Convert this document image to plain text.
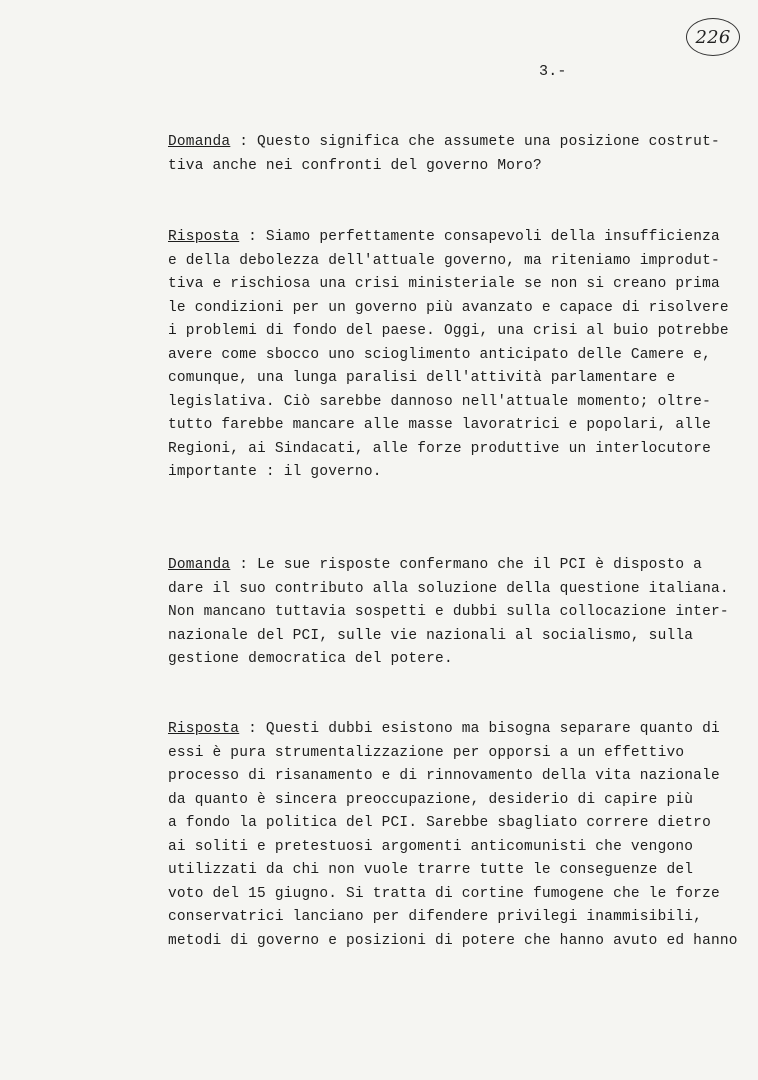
226
3.-
Domanda : Questo significa che assumete una posizione costrut-
tiva anche nei confronti del governo Moro?
Risposta : Siamo perfettamente consapevoli della insufficienza
e della debolezza dell'attuale governo, ma riteniamo improdut-
tiva e rischiosa una crisi ministeriale se non si creano prima
le condizioni per un governo più avanzato e capace di risolvere
i problemi di fondo del paese. Oggi, una crisi al buio potrebbe
avere come sbocco uno scioglimento anticipato delle Camere e,
comunque, una lunga paralisi dell'attività parlamentare e
legislativa. Ciò sarebbe dannoso nell'attuale momento; oltre-
tutto farebbe mancare alle masse lavoratrici e popolari, alle
Regioni, ai Sindacati, alle forze produttive un interlocutore
importante : il governo.
Domanda : Le sue risposte confermano che il PCI è disposto a
dare il suo contributo alla soluzione della questione italiana.
Non mancano tuttavia sospetti e dubbi sulla collocazione inter-
nazionale del PCI, sulle vie nazionali al socialismo, sulla
gestione democratica del potere.
Risposta : Questi dubbi esistono ma bisogna separare quanto di
essi è pura strumentalizzazione per opporsi a un effettivo
processo di risanamento e di rinnovamento della vita nazionale
da quanto è sincera preoccupazione, desiderio di capire più
a fondo la politica del PCI. Sarebbe sbagliato correre dietro
ai soliti e pretestuosi argomenti anticomunisti che vengono
utilizzati da chi non vuole trarre tutte le conseguenze del
voto del 15 giugno. Si tratta di cortine fumogene che le forze
conservatrici lanciano per difendere privilegi inammisibili,
metodi di governo e posizioni di potere che hanno avuto ed hanno
